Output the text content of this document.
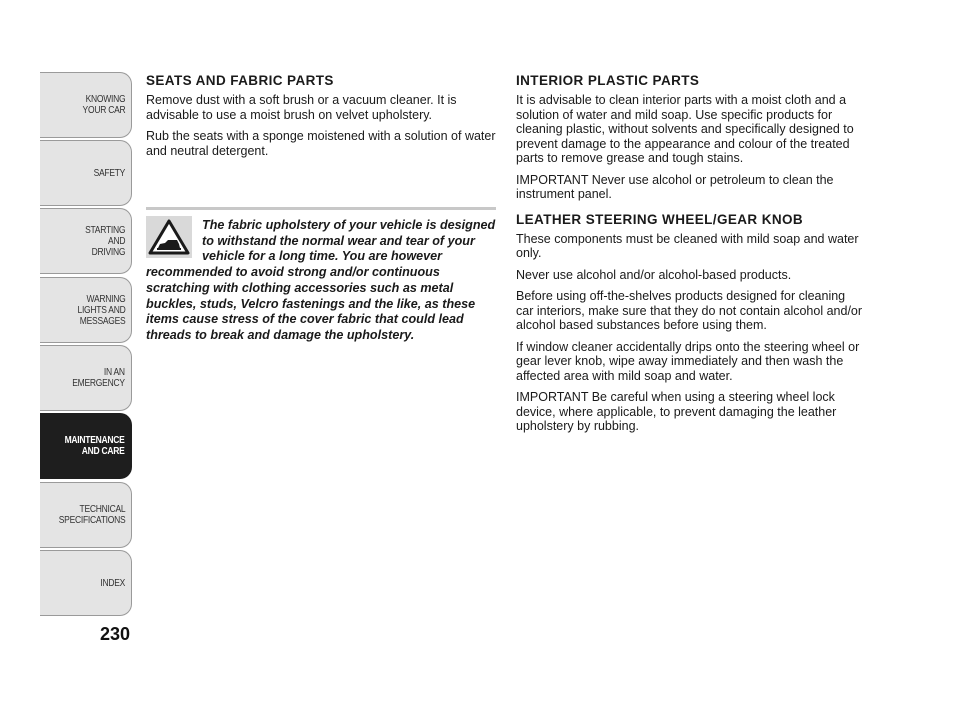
KNOWING
YOUR CAR
SAFETY
STARTING
AND
DRIVING
WARNING
LIGHTS AND
MESSAGES
IN AN
EMERGENCY
MAINTENANCE
AND CARE
TECHNICAL
SPECIFICATIONS
INDEX
230
SEATS AND FABRIC PARTS

Remove dust with a soft brush or a vacuum cleaner. It is advisable to use a moist brush on velvet upholstery.

Rub the seats with a sponge moistened with a solution of water and neutral detergent.

The fabric upholstery of your vehicle is designed to withstand the normal wear and tear of your vehicle for a long time. You are however recommended to avoid strong and/or continuous scratching with clothing accessories such as metal buckles, studs, Velcro fastenings and the like, as these items cause stress of the cover fabric that could lead threads to break and damage the upholstery.
INTERIOR PLASTIC PARTS

It is advisable to clean interior parts with a moist cloth and a solution of water and mild soap. Use specific products for cleaning plastic, without solvents and specifically designed to prevent damage to the appearance and colour of the treated parts to remove grease and tough stains.

IMPORTANT Never use alcohol or petroleum to clean the instrument panel.

LEATHER STEERING WHEEL/GEAR KNOB

These components must be cleaned with mild soap and water only.

Never use alcohol and/or alcohol-based products.

Before using off-the-shelves products designed for cleaning car interiors, make sure that they do not contain alcohol and/or alcohol based substances before using them.

If window cleaner accidentally drips onto the steering wheel or gear lever knob, wipe away immediately and then wash the affected area with mild soap and water.

IMPORTANT Be careful when using a steering wheel lock device, where applicable, to prevent damaging the leather upholstery by rubbing.
